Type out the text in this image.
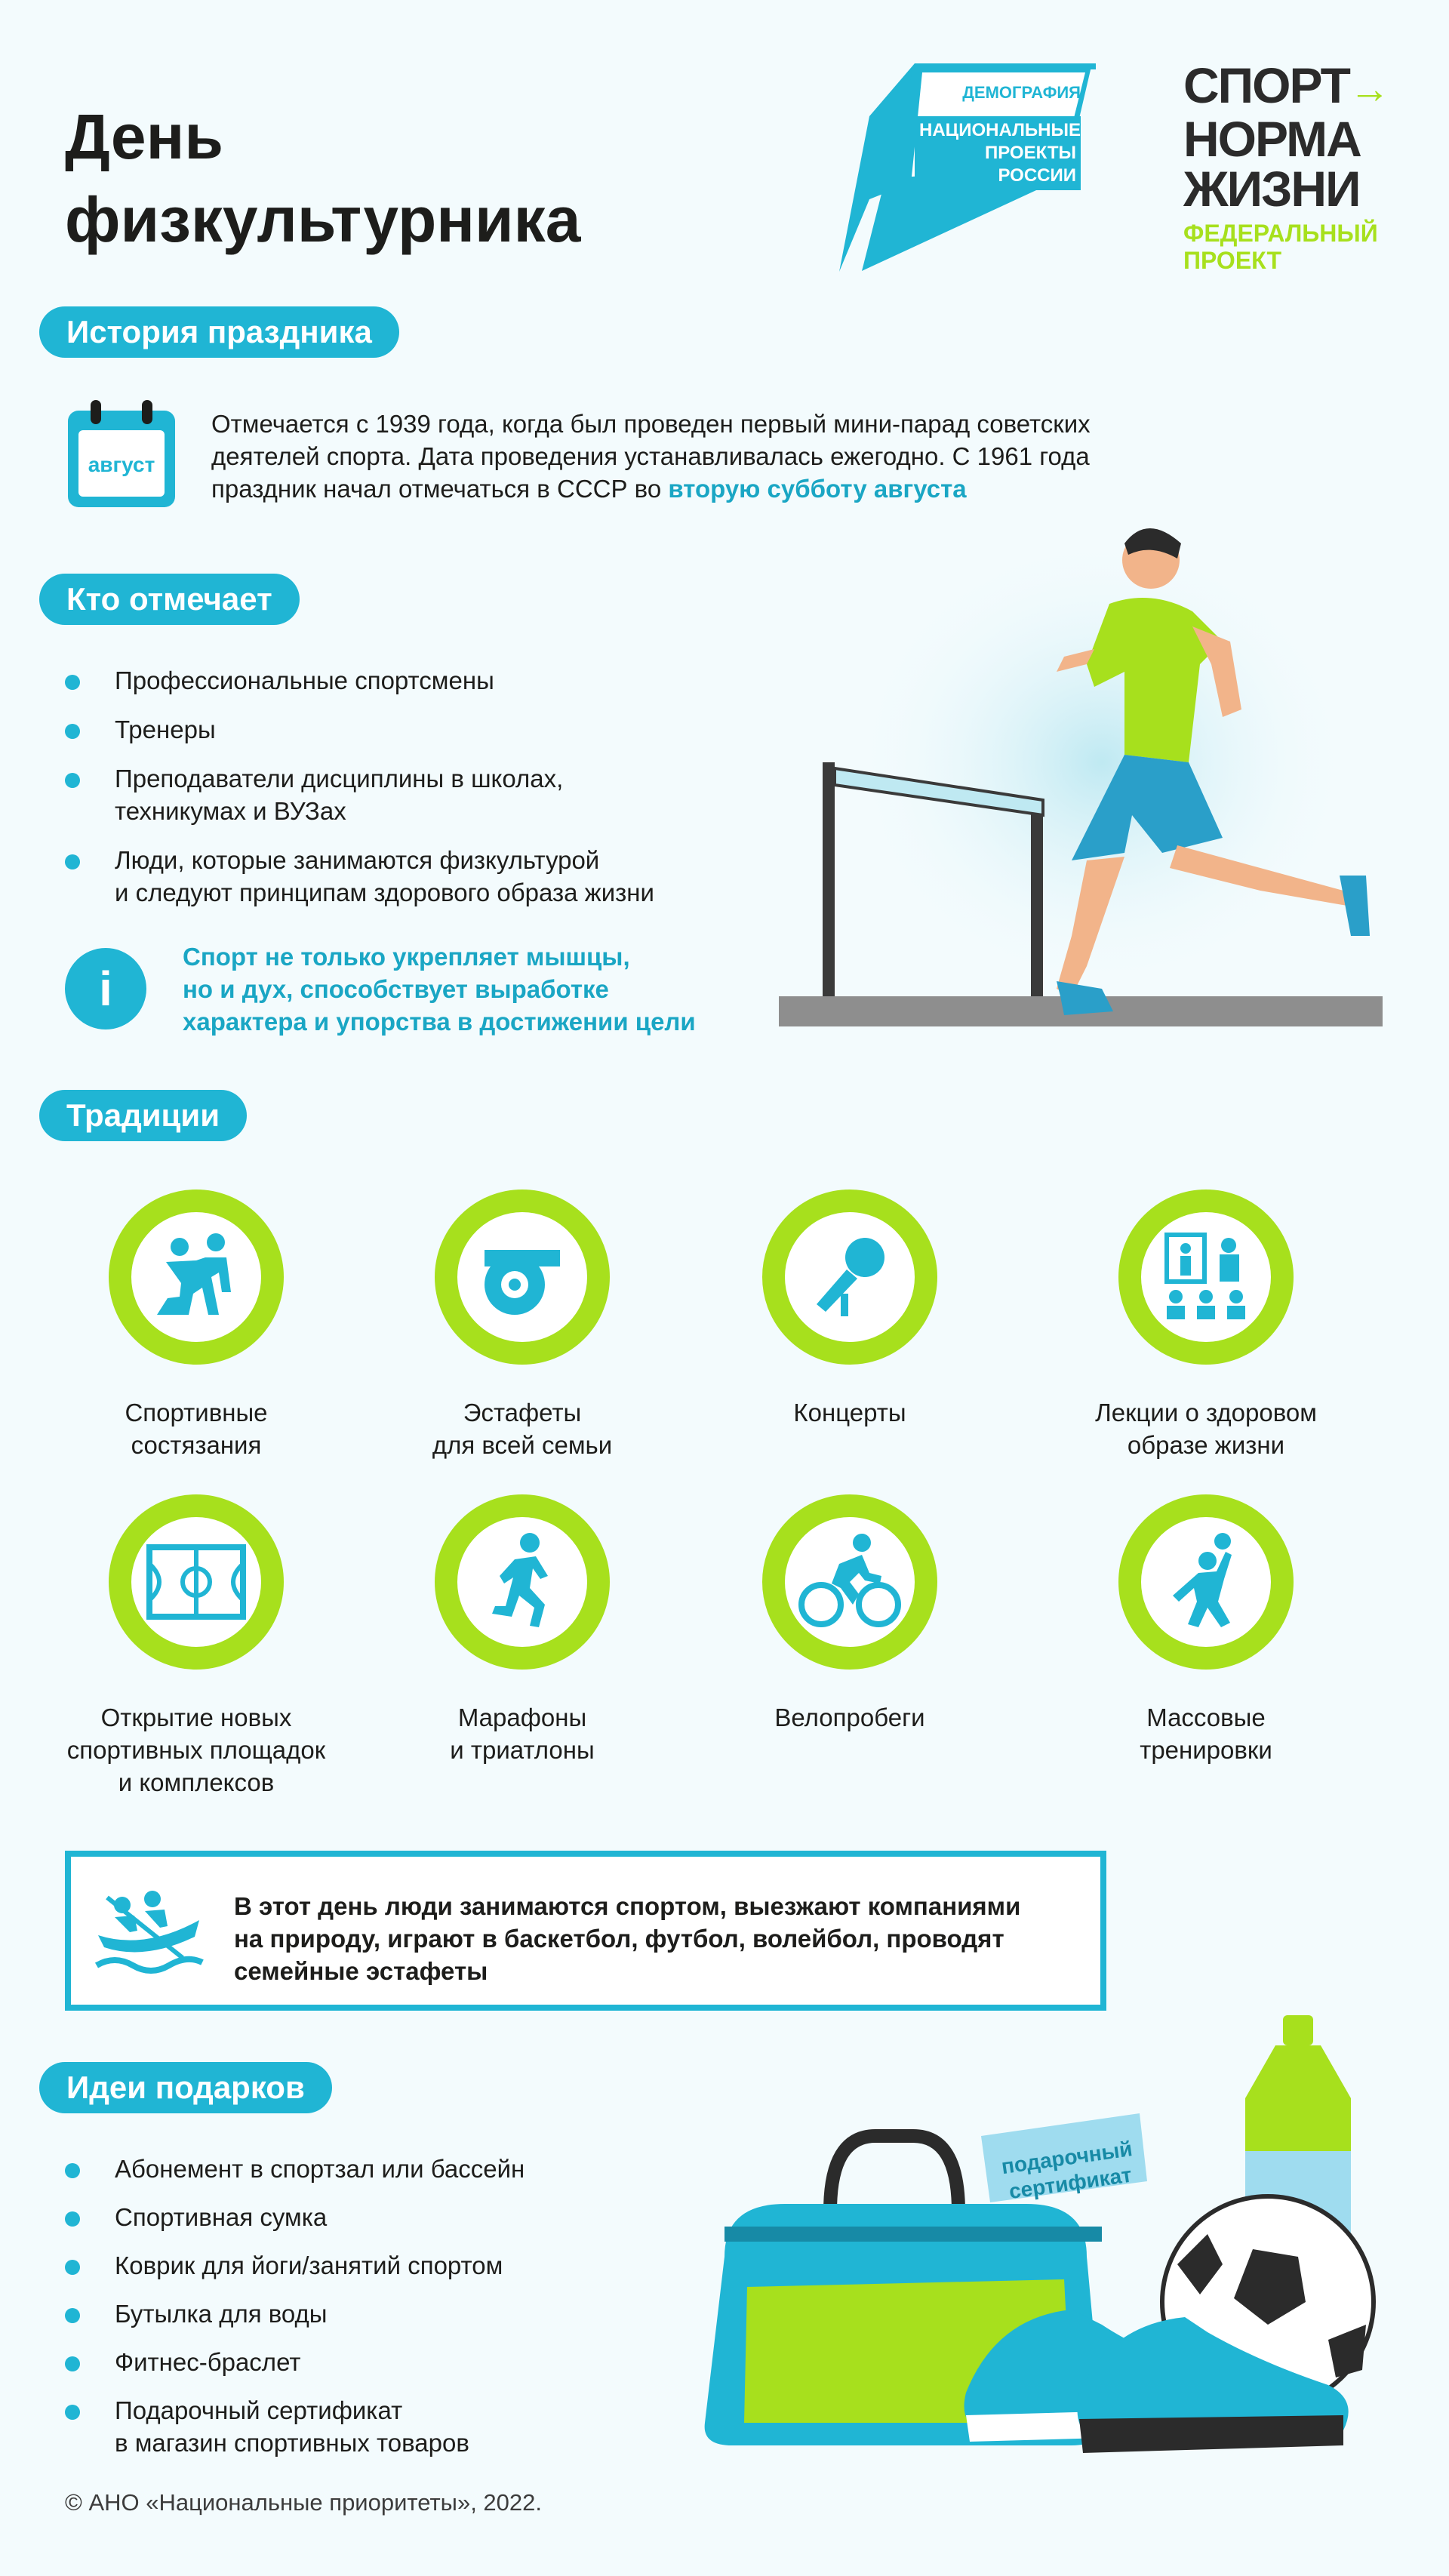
День
физкультурника
ДЕМОГРАФИЯ
НАЦИОНАЛЬНЫЕ
ПРОЕКТЫ
РОССИИ
СПОРТ→
НОРМА
ЖИЗНИ
ФЕДЕРАЛЬНЫЙ
ПРОЕКТ
История праздника
август
Отмечается с 1939 года, когда был проведен первый мини-парад советских деятелей спорта. Дата проведения устанавливалась ежегодно. С 1961 года праздник начал отмечаться в СССР во вторую субботу августа
Кто отмечает
Профессиональные спортсмены
Тренеры
Преподаватели дисциплины в школах,
техникумах и ВУЗах
Люди, которые занимаются физкультурой
и следуют принципам здорового образа жизни
i
Спорт не только укрепляет мышцы,
но и дух, способствует выработке
характера и упорства в достижении цели
Традиции
Спортивные
состязания
Эстафеты
для всей семьи
Концерты	Лекции о здоровом
образе жизни
Открытие новых
спортивных площадок
и комплексов
Марафоны
и триатлоны
Велопробеги	Массовые
тренировки
В этот день люди занимаются спортом, выезжают компаниями на природу, играют в баскетбол, футбол, волейбол, проводят семейные эстафеты
Идеи подарков
Абонемент в спортзал или бассейн
Спортивная сумка
Коврик для йоги/занятий спортом
Бутылка для воды
Фитнес-браслет
Подарочный сертификат
в магазин спортивных товаров
подарочный
сертификат
© АНО «Национальные приоритеты», 2022.
